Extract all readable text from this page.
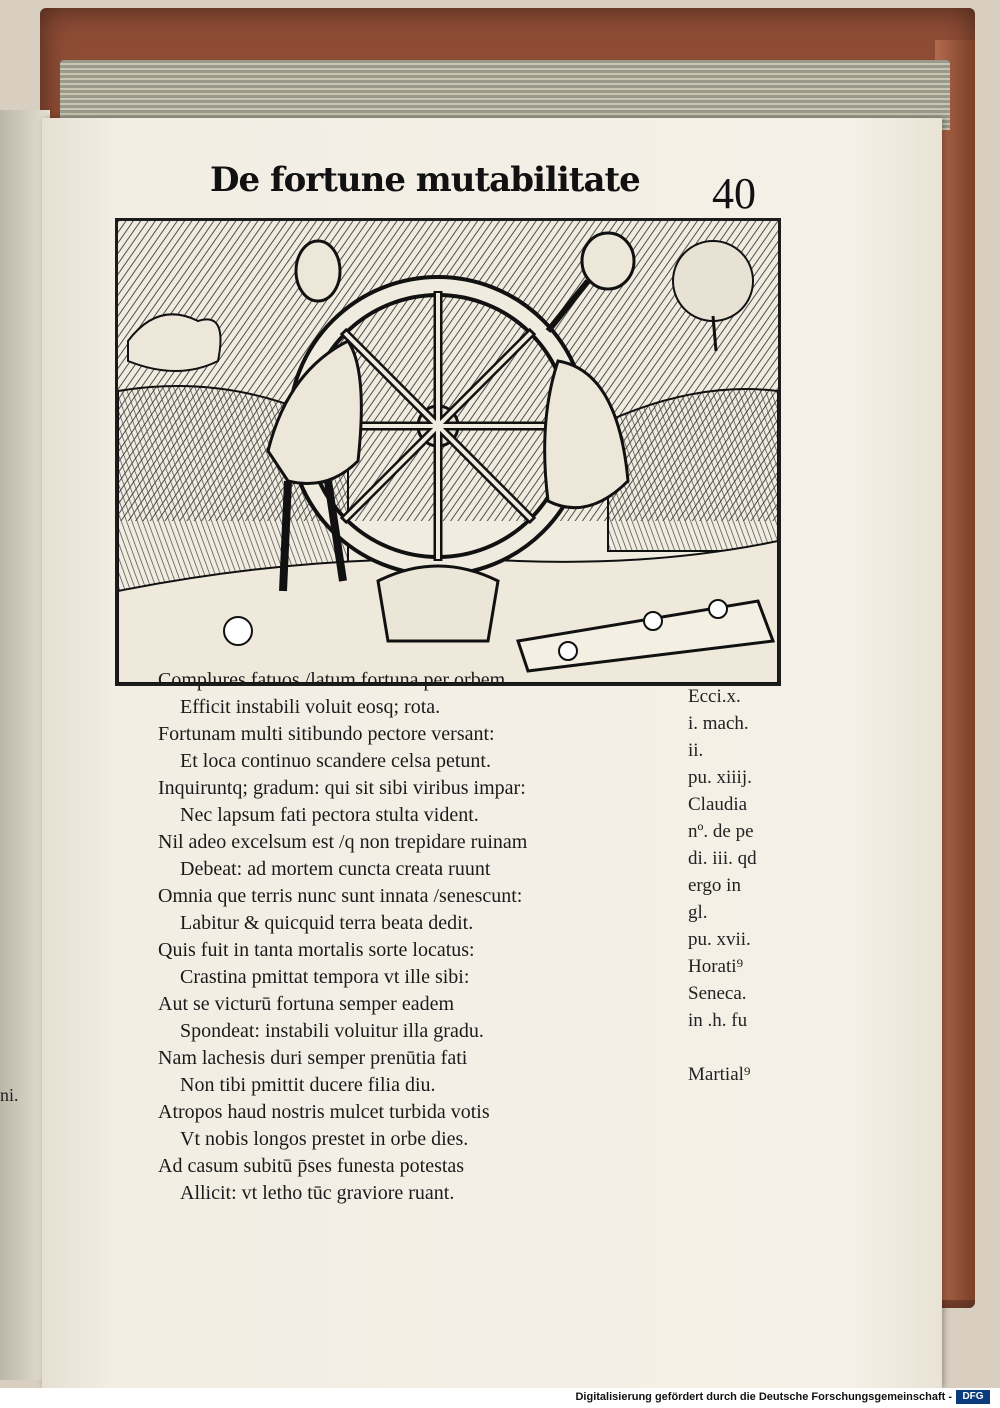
ni.
De fortune mutabilitate 40
Complures fatuos /latum fortuna per orbem
Efficit instabili voluit eosq; rota.
Fortunam multi sitibundo pectore versant:
Et loca continuo scandere celsa petunt.
Inquiruntq; gradum: qui sit sibi viribus impar:
Nec lapsum fati pectora stulta vident.
Nil adeo excelsum est /q non trepidare ruinam
Debeat: ad mortem cuncta creata ruunt
Omnia que terris nunc sunt innata /senescunt:
Labitur & quicquid terra beata dedit.
Quis fuit in tanta mortalis sorte locatus:
Crastina pmittat tempora vt ille sibi:
Aut se victurū fortuna semper eadem
Spondeat: instabili voluitur illa gradu.
Nam lachesis duri semper prenūtia fati
Non tibi pmittit ducere filia diu.
Atropos haud nostris mulcet turbida votis
Vt nobis longos prestet in orbe dies.
Ad casum subitū p̄ses funesta potestas
Allicit: vt letho tūc graviore ruant.
Ecci.x.
i. mach.
ii.
pu. xiiij.
Claudia
nº. de pe
di. iii. qd
ergo in
gl.
pu. xvii.
Horati⁹
Seneca.
in .h. fu
Martial⁹
Digitalisierung gefördert durch die Deutsche Forschungsgemeinschaft -	DFG
